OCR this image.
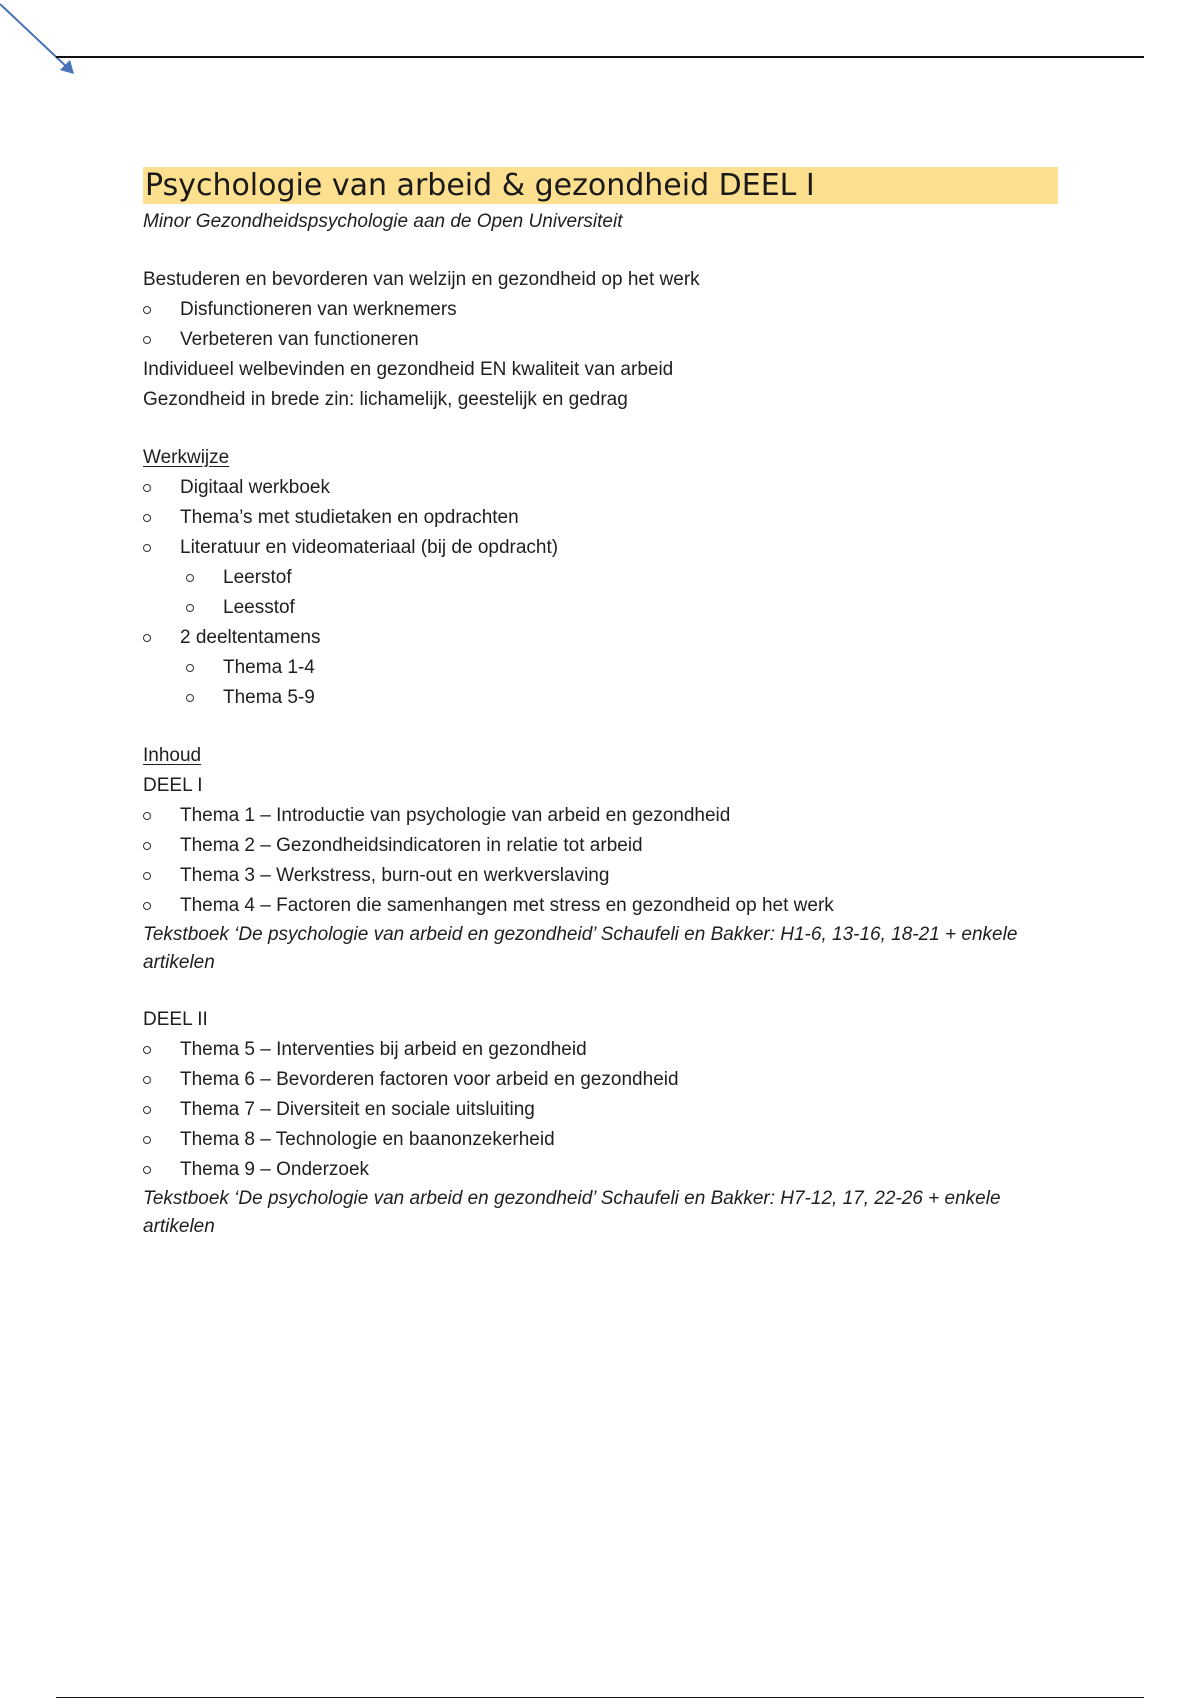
Psychologie van arbeid & gezondheid DEEL I
Minor Gezondheidspsychologie aan de Open Universiteit
Bestuderen en bevorderen van welzijn en gezondheid op het werk
Disfunctioneren van werknemers
Verbeteren van functioneren
Individueel welbevinden en gezondheid EN kwaliteit van arbeid
Gezondheid in brede zin: lichamelijk, geestelijk en gedrag
Werkwijze
Digitaal werkboek
Thema’s met studietaken en opdrachten
Literatuur en videomateriaal (bij de opdracht)
Leerstof
Leesstof
2 deeltentamens
Thema 1-4
Thema 5-9
Inhoud
DEEL I
Thema 1 – Introductie van psychologie van arbeid en gezondheid
Thema 2 – Gezondheidsindicatoren in relatie tot arbeid
Thema 3 – Werkstress, burn-out en werkverslaving
Thema 4 – Factoren die samenhangen met stress en gezondheid op het werk
Tekstboek ‘De psychologie van arbeid en gezondheid’ Schaufeli en Bakker: H1-6, 13-16, 18-21 + enkele
artikelen
DEEL II
Thema 5 – Interventies bij arbeid en gezondheid
Thema 6 – Bevorderen factoren voor arbeid en gezondheid
Thema 7 – Diversiteit en sociale uitsluiting
Thema 8 – Technologie en baanonzekerheid
Thema 9 – Onderzoek
Tekstboek ‘De psychologie van arbeid en gezondheid’ Schaufeli en Bakker: H7-12, 17, 22-26 + enkele
artikelen
